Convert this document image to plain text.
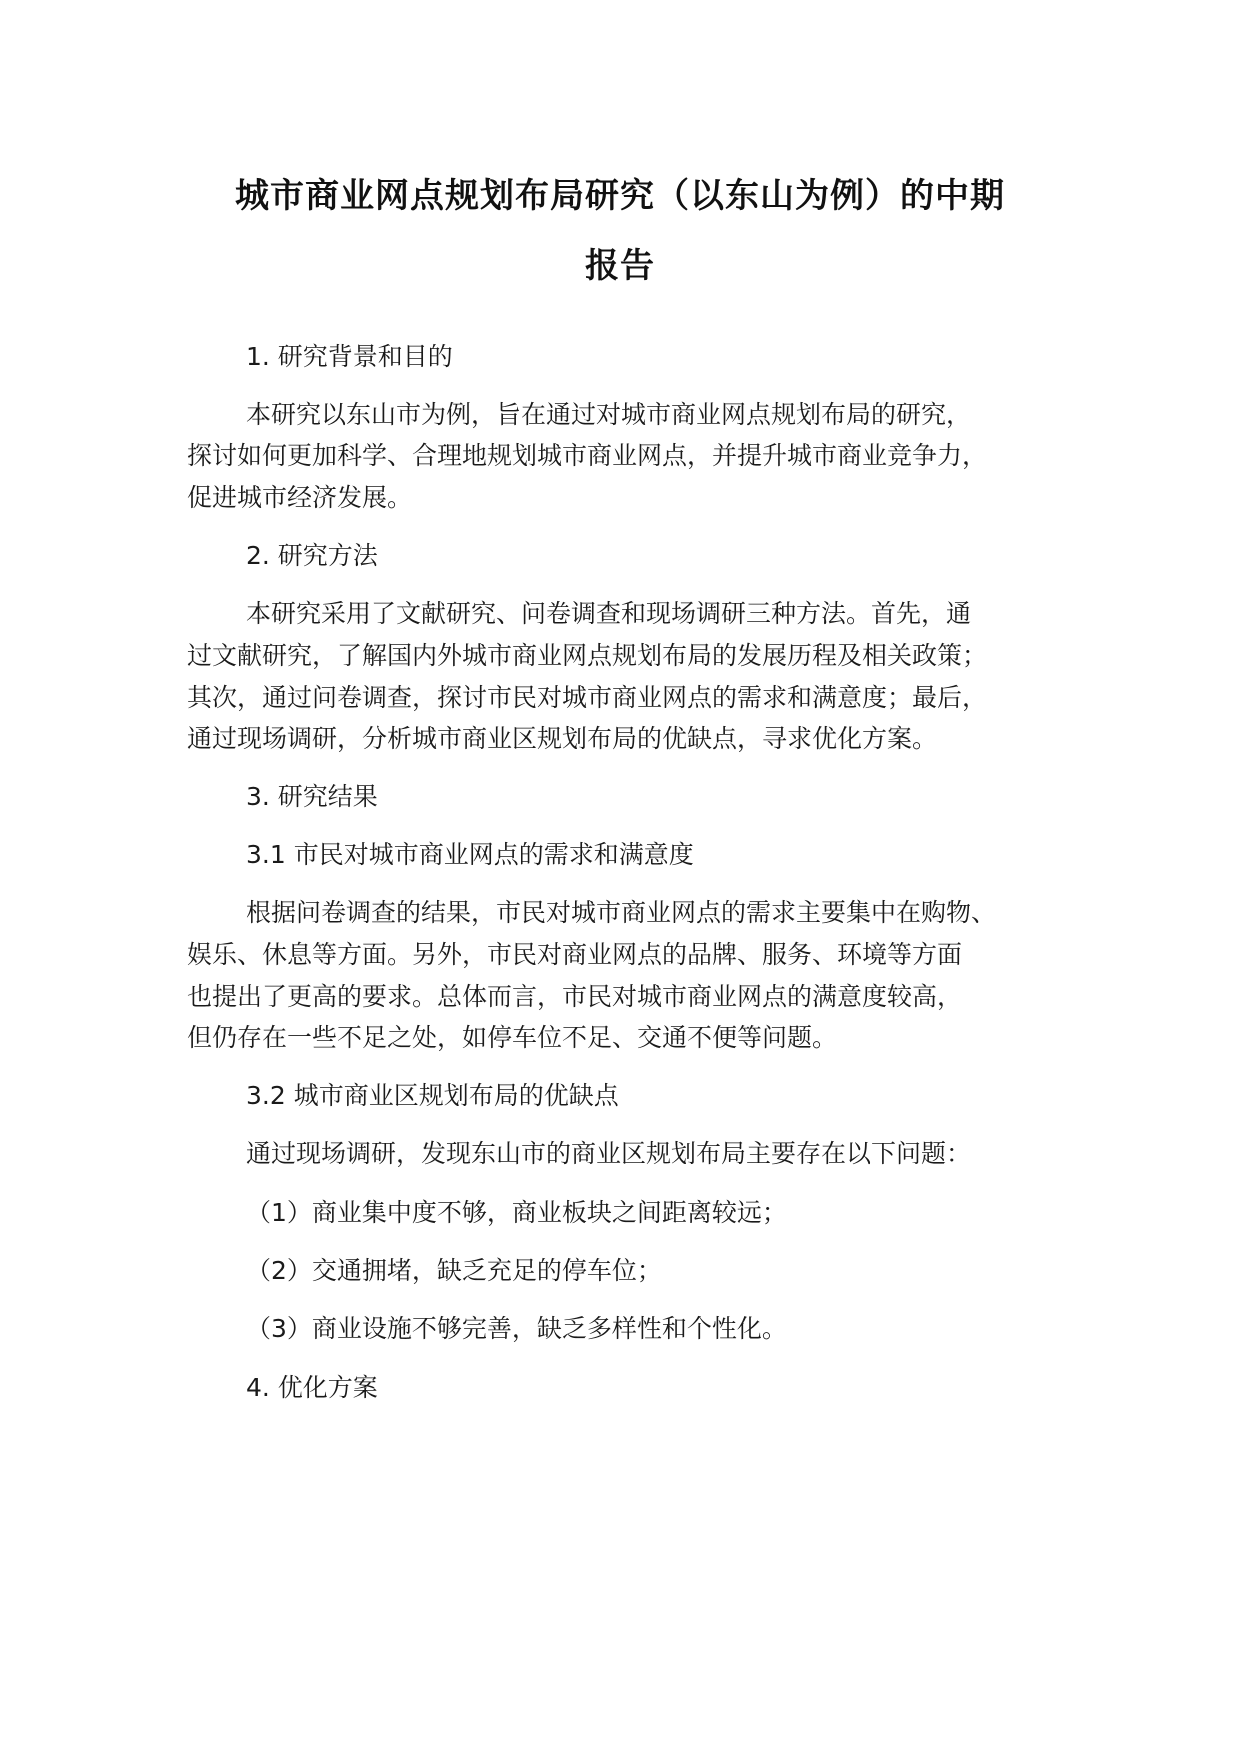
城市商业网点规划布局研究（以东山为例）的中期
报告
1. 研究背景和目的
本研究以东山市为例，旨在通过对城市商业网点规划布局的研究，
探讨如何更加科学、合理地规划城市商业网点，并提升城市商业竞争力，
促进城市经济发展。
2. 研究方法
本研究采用了文献研究、问卷调查和现场调研三种方法。首先，通
过文献研究，了解国内外城市商业网点规划布局的发展历程及相关政策；
其次，通过问卷调查，探讨市民对城市商业网点的需求和满意度；最后，
通过现场调研，分析城市商业区规划布局的优缺点，寻求优化方案。
3. 研究结果
3.1 市民对城市商业网点的需求和满意度
根据问卷调查的结果，市民对城市商业网点的需求主要集中在购物、
娱乐、休息等方面。另外，市民对商业网点的品牌、服务、环境等方面
也提出了更高的要求。总体而言，市民对城市商业网点的满意度较高，
但仍存在一些不足之处，如停车位不足、交通不便等问题。
3.2 城市商业区规划布局的优缺点
通过现场调研，发现东山市的商业区规划布局主要存在以下问题：
（1）商业集中度不够，商业板块之间距离较远；
（2）交通拥堵，缺乏充足的停车位；
（3）商业设施不够完善，缺乏多样性和个性化。
4. 优化方案
